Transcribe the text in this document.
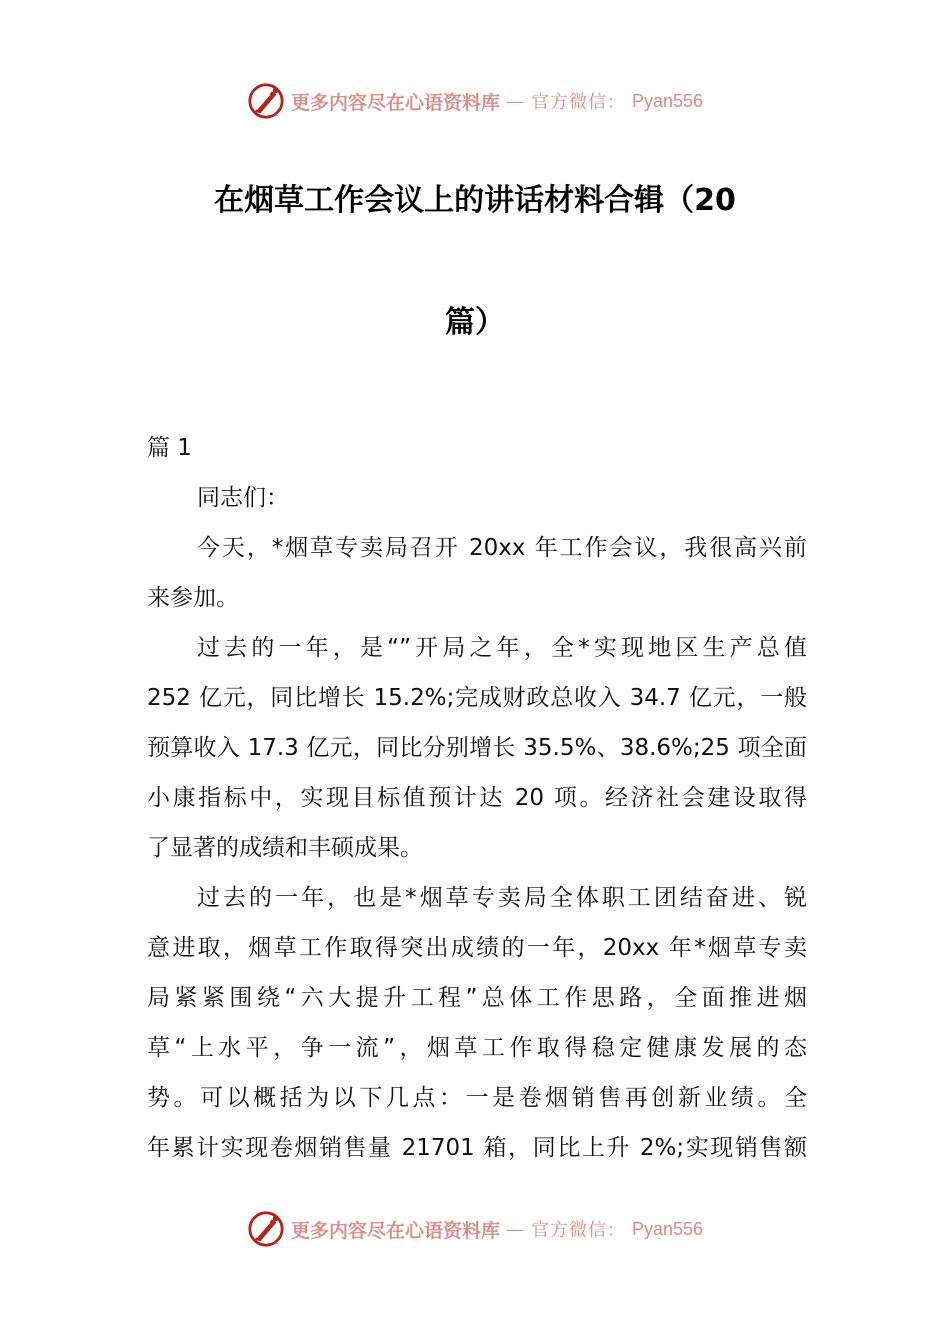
更多内容尽在心语资料库 — 官方微信： Pyan556
在烟草工作会议上的讲话材料合辑（20
篇）
篇 1
同志们：
今天，*烟草专卖局召开 20xx 年工作会议，我很高兴前
来参加。
过去的一年，是“”开局之年，全*实现地区生产总值
252 亿元，同比增长 15.2%;完成财政总收入 34.7 亿元，一般
预算收入 17.3 亿元，同比分别增长 35.5%、38.6%;25 项全面
小康指标中，实现目标值预计达 20 项。经济社会建设取得
了显著的成绩和丰硕成果。
过去的一年，也是*烟草专卖局全体职工团结奋进、锐
意进取，烟草工作取得突出成绩的一年，20xx 年*烟草专卖
局紧紧围绕“六大提升工程”总体工作思路，全面推进烟
草“上水平，争一流”，烟草工作取得稳定健康发展的态
势。可以概括为以下几点：一是卷烟销售再创新业绩。全
年累计实现卷烟销售量 21701 箱，同比上升 2%;实现销售额
更多内容尽在心语资料库 — 官方微信： Pyan556
